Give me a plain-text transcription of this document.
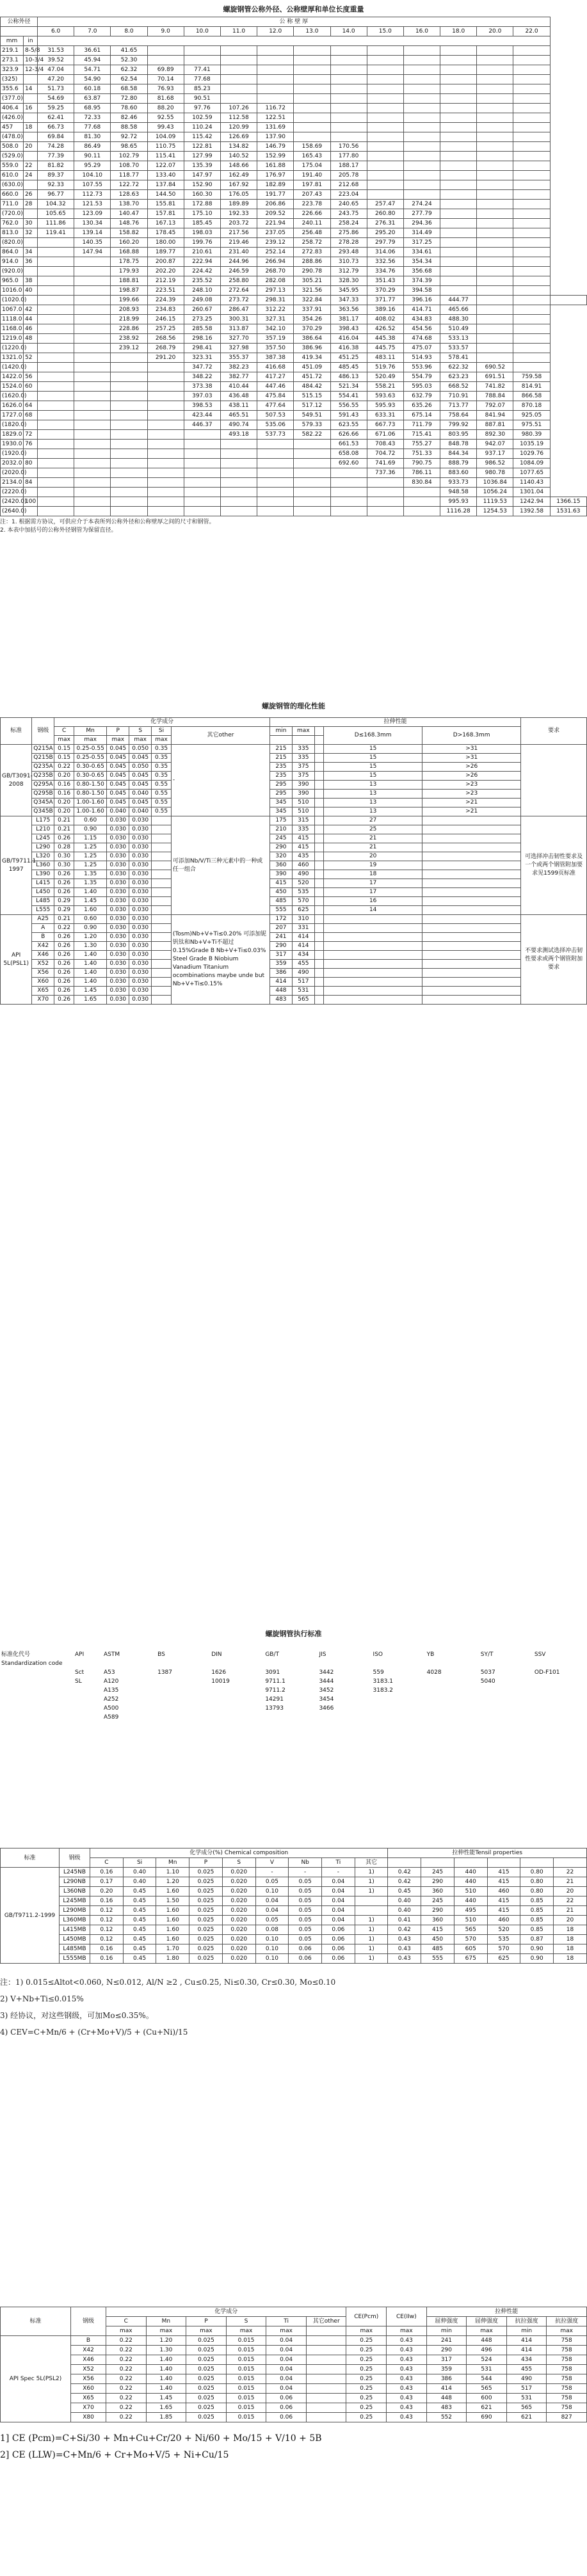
螺旋钢管公称外径、公称壁厚和单位长度重量
公称外径		公 称 壁 厚														
		6.0	7.0	8.0	9.0	10.0	11.0	12.0	13.0	14.0	15.0	16.0	18.0	20.0	22.0	
mm	in															
219.1	8-5/8	31.53	36.61	41.65												
273.1	10-3/4	39.52	45.94	52.30												
323.9	12-3/4	47.04	54.71	62.32	69.89	77.41										
(325)		47.20	54.90	62.54	70.14	77.68										
355.6	14	51.73	60.18	68.58	76.93	85.23										
(377.0)		54.69	63.87	72.80	81.68	90.51										
406.4	16	59.25	68.95	78.60	88.20	97.76	107.26	116.72								
(426.0)		62.41	72.33	82.46	92.55	102.59	112.58	122.51								
457	18	66.73	77.68	88.58	99.43	110.24	120.99	131.69								
(478.0)		69.84	81.30	92.72	104.09	115.42	126.69	137.90								
508.0	20	74.28	86.49	98.65	110.75	122.81	134.82	146.79	158.69	170.56						
(529.0)		77.39	90.11	102.79	115.41	127.99	140.52	152.99	165.43	177.80						
559.0	22	81.82	95.29	108.70	122.07	135.39	148.66	161.88	175.04	188.17						
610.0	24	89.37	104.10	118.77	133.40	147.97	162.49	176.97	191.40	205.78						
(630.0)		92.33	107.55	122.72	137.84	152.90	167.92	182.89	197.81	212.68						
660.0	26	96.77	112.73	128.63	144.50	160.30	176.05	191.77	207.43	223.04						
711.0	28	104.32	121.53	138.70	155.81	172.88	189.89	206.86	223.78	240.65	257.47	274.24				
(720.0)		105.65	123.09	140.47	157.81	175.10	192.33	209.52	226.66	243.75	260.80	277.79				
762.0	30	111.86	130.34	148.76	167.13	185.45	203.72	221.94	240.11	258.24	276.31	294.36				
813.0	32	119.41	139.14	158.82	178.45	198.03	217.56	237.05	256.48	275.86	295.20	314.49				
(820.0)			140.35	160.20	180.00	199.76	219.46	239.12	258.72	278.28	297.79	317.25				
864.0	34		147.94	168.88	189.77	210.61	231.40	252.14	272.83	293.48	314.06	334.61				
914.0	36			178.75	200.87	222.94	244.96	266.94	288.86	310.73	332.56	354.34				
(920.0)				179.93	202.20	224.42	246.59	268.70	290.78	312.79	334.76	356.68				
965.0	38			188.81	212.19	235.52	258.80	282.08	305.21	328.30	351.43	374.39				
1016.0	40			198.87	223.51	248.10	272.64	297.13	321.56	345.95	370.29	394.58				
(1020.0)				199.66	224.39	249.08	273.72	298.31	322.84	347.33	371.77	396.16	444.77			
1067.0	42			208.93	234.83	260.67	286.47	312.22	337.91	363.56	389.16	414.71	465.66			
1118.0	44			218.99	246.15	273.25	300.31	327.31	354.26	381.17	408.02	434.83	488.30			
1168.0	46			228.86	257.25	285.58	313.87	342.10	370.29	398.43	426.52	454.56	510.49			
1219.0	48			238.92	268.56	298.16	327.70	357.19	386.64	416.04	445.38	474.68	533.13			
(1220.0)				239.12	268.79	298.41	327.98	357.50	386.96	416.38	445.75	475.07	533.57			
1321.0	52				291.20	323.31	355.37	387.38	419.34	451.25	483.11	514.93	578.41			
(1420.0)						347.72	382.23	416.68	451.09	485.45	519.76	553.96	622.32	690.52		
1422.0	56					348.22	382.77	417.27	451.72	486.13	520.49	554.79	623.23	691.51	759.58	
1524.0	60					373.38	410.44	447.46	484.42	521.34	558.21	595.03	668.52	741.82	814.91	
(1620.0)						397.03	436.48	475.84	515.15	554.41	593.63	632.79	710.91	788.84	866.58	
1626.0	64					398.53	438.11	477.64	517.12	556.55	595.93	635.26	713.77	792.07	870.18	
1727.0	68					423.44	465.51	507.53	549.51	591.43	633.31	675.14	758.64	841.94	925.05	
(1820.0)						446.37	490.74	535.06	579.33	623.55	667.73	711.79	799.92	887.81	975.51	
1829.0	72						493.18	537.73	582.22	626.66	671.06	715.41	803.95	892.30	980.39	
1930.0	76									661.53	708.43	755.27	848.78	942.07	1035.19	
(1920.0)										658.08	704.72	751.33	844.34	937.17	1029.76	
2032.0	80									692.60	741.69	790.75	888.79	986.52	1084.09	
(2020.0)											737.36	786.11	883.60	980.78	1077.65	
2134.0	84											830.84	933.73	1036.84	1140.43	
(2220.0)													948.58	1056.24	1301.04	
(2420.0)	100												995.93	1119.53	1242.94	1366.15
(2640.0)													1116.28	1254.53	1392.58	1531.63
注：1. 根据需方协议，可供应介于本表所列公称外径和公称壁厚之间的尺寸和钢管。
2. 本表中加括号的公称外径钢管为保留直径。
螺旋钢管的理化性能
标准	钢级	化学成分						拉伸性能					要求
		C	Mn	P	S	Si	其它other	min	max		D≤168.3mm	D>168.3mm	
		max	max	max	max	max							
GB/T3091-2008	Q215A	0.15	0.25-0.55	0.045	0.050	0.35	-	215	335		15	>31	
	Q215B	0.15	0.25-0.55	0.045	0.045	0.35		215	335		15	>31	
	Q235A	0.22	0.30-0.65	0.045	0.050	0.35		235	375		15	>26	
	Q235B	0.20	0.30-0.65	0.045	0.045	0.35		235	375		15	>26	
	Q295A	0.16	0.80-1.50	0.045	0.045	0.55		295	390		13	>23	
	Q295B	0.16	0.80-1.50	0.045	0.040	0.55		295	390		13	>23	
	Q345A	0.20	1.00-1.60	0.045	0.045	0.55		345	510		13	>21	
	Q345B	0.20	1.00-1.60	0.040	0.040	0.55		345	510		13	>21	
GB/T9711.1-1997	L175	0.21	0.60	0.030	0.030		可添加Nb/V/Ti三种元素中的一种或任一组合	175	315		27		可选择冲击韧性要求及一个或两个钢管附加要求见1599页标准
	L210	0.21	0.90	0.030	0.030			210	335		25		
	L245	0.26	1.15	0.030	0.030			245	415		21		
	L290	0.28	1.25	0.030	0.030			290	415		21		
	L320	0.30	1.25	0.030	0.030			320	435		20		
	L360	0.30	1.25	0.030	0.030			360	460		19		
	L390	0.26	1.35	0.030	0.030			390	490		18		
	L415	0.26	1.35	0.030	0.030			415	520		17		
	L450	0.26	1.40	0.030	0.030			450	535		17		
	L485	0.29	1.45	0.030	0.030			485	570		16		
	L555	0.29	1.60	0.030	0.030			555	625		14		
API 5L(PSL1)	A25	0.21	0.60	0.030	0.030		(Tosm)Nb+V+Ti≤0.20% 可添加铌钒钛和Nb+V+Ti不超过0.15%Grade B Nb+V+Ti≤0.03% Steel Grade B Niobium Vanadium Titanium ocombinations maybe unde but Nb+V+Ti≤0.15%	172	310				不要求测试选择冲击韧性要求或两个钢管附加要求
	A	0.22	0.90	0.030	0.030			207	331				
	B	0.26	1.20	0.030	0.030			241	414				
	X42	0.26	1.30	0.030	0.030			290	414				
	X46	0.26	1.40	0.030	0.030			317	434				
	X52	0.26	1.40	0.030	0.030			359	455				
	X56	0.26	1.40	0.030	0.030			386	490				
	X60	0.26	1.40	0.030	0.030			414	517				
	X65	0.26	1.45	0.030	0.030			448	531				
	X70	0.26	1.65	0.030	0.030			483	565				
螺旋钢管执行标准
标准化代号	API	ASTM	BS	DIN	GB/T	JIS	ISO	YB	SY/T	SSV
Standardization code										
	Sct	A53	1387	1626	3091	3442	559	4028	5037	OD-F101
	SL	A120		10019	9711.1	3444	3183.1		5040	
		A135			9711.2	3452	3183.2			
		A252			14291	3454				
		A500			13793	3466				
		A589								
标准	钢级	化学成分(%) Chemical composition									拉伸性能Tensil properties					
		C	Si	Mn	P	S	V	Nb	Ti	其它						
GB/T9711.2-1999	L245NB	0.16	0.40	1.10	0.025	0.020	-	-	-	1)	0.42	245	440	415	0.80	22
	L290NB	0.17	0.40	1.20	0.025	0.020	0.05	0.05	0.04	1)	0.42	290	440	415	0.80	21
	L360NB	0.20	0.45	1.60	0.025	0.020	0.10	0.05	0.04	1)	0.45	360	510	460	0.80	20
	L245MB	0.16	0.45	1.50	0.025	0.020	0.04	0.05	0.04		0.40	245	440	415	0.85	22
	L290MB	0.12	0.45	1.60	0.025	0.020	0.04	0.05	0.04		0.40	290	495	415	0.85	21
	L360MB	0.12	0.45	1.60	0.025	0.020	0.05	0.05	0.04	1)	0.41	360	510	460	0.85	20
	L415MB	0.12	0.45	1.60	0.025	0.020	0.08	0.05	0.06	1)	0.42	415	565	520	0.85	18
	L450MB	0.12	0.45	1.60	0.025	0.020	0.10	0.05	0.06	1)	0.43	450	570	535	0.87	18
	L485MB	0.16	0.45	1.70	0.025	0.020	0.10	0.06	0.06	1)	0.43	485	605	570	0.90	18
	L555MB	0.16	0.45	1.80	0.025	0.020	0.10	0.06	0.06	1)	0.43	555	675	625	0.90	18
注：1) 0.015≤Altot<0.060, N≤0.012, Al/N ≥2 , Cu≤0.25, Ni≤0.30, Cr≤0.30, Mo≤0.10
2) V+Nb+Ti≤0.015%
3) 经协议，对这些钢级，可加Mo≤0.35%。
4) CEV=C+Mn/6 + (Cr+Mo+V)/5 + (Cu+Ni)/15
标准	钢级	化学成分						CE(Pcm)	CE(IIw)	拉伸性能			
		C	Mn	P	S	Ti	其它other			屈伸强度	屈伸强度	抗拉强度	抗拉强度
		max	max	max	max	max		max	max	min	max	min	max
API Spec 5L(PSL2)	B	0.22	1.20	0.025	0.015	0.04		0.25	0.43	241	448	414	758
	X42	0.22	1.30	0.025	0.015	0.04		0.25	0.43	290	496	414	758
	X46	0.22	1.40	0.025	0.015	0.04		0.25	0.43	317	524	434	758
	X52	0.22	1.40	0.025	0.015	0.04		0.25	0.43	359	531	455	758
	X56	0.22	1.40	0.025	0.015	0.04		0.25	0.43	386	544	490	758
	X60	0.22	1.40	0.025	0.015	0.04		0.25	0.43	414	565	517	758
	X65	0.22	1.45	0.025	0.015	0.06		0.25	0.43	448	600	531	758
	X70	0.22	1.65	0.025	0.015	0.06		0.25	0.43	483	621	565	758
	X80	0.22	1.85	0.025	0.015	0.06		0.25	0.43	552	690	621	827
1] CE (Pcm)=C+Si/30 + Mn+Cu+Cr/20 + Ni/60 + Mo/15 + V/10 + 5B
2] CE (LLW)=C+Mn/6 + Cr+Mo+V/5 + Ni+Cu/15
